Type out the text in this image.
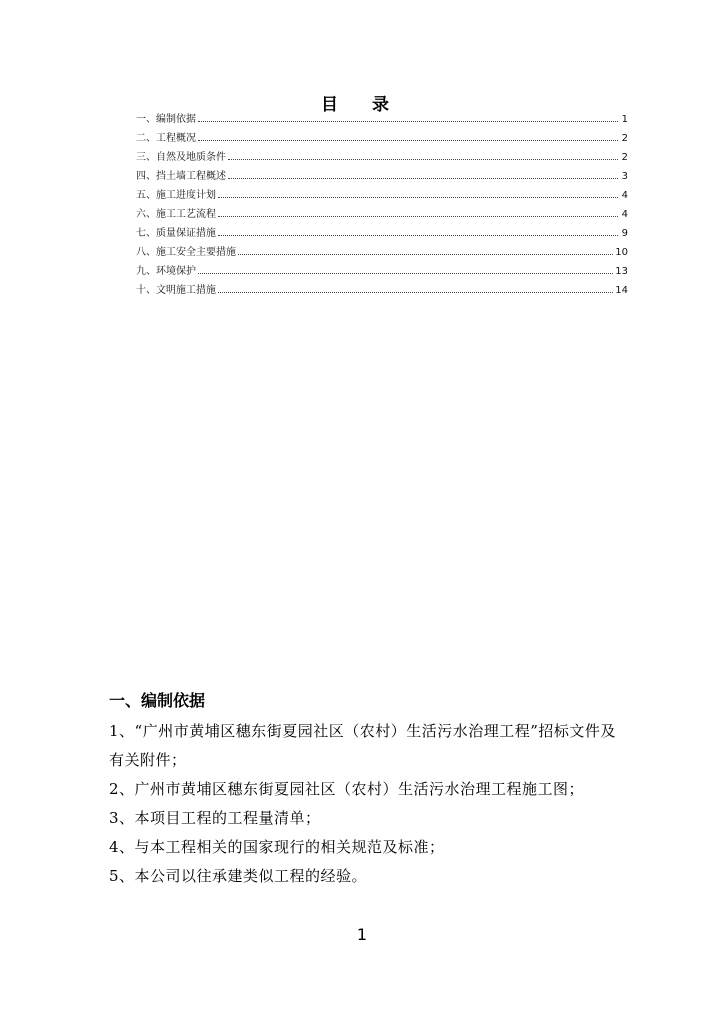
目 录
一、编制依据	1
二、工程概况	2
三、自然及地质条件	2
四、挡土墙工程概述	3
五、施工进度计划	4
六、施工工艺流程	4
七、质量保证措施	9
八、施工安全主要措施	10
九、环境保护	13
十、文明施工措施	14
一、编制依据

1、“广州市黄埔区穗东街夏园社区（农村）生活污水治理工程”招标文件及有关附件；

2、广州市黄埔区穗东街夏园社区（农村）生活污水治理工程施工图；

3、本项目工程的工程量清单；

4、与本工程相关的国家现行的相关规范及标准；

5、本公司以往承建类似工程的经验。

1
